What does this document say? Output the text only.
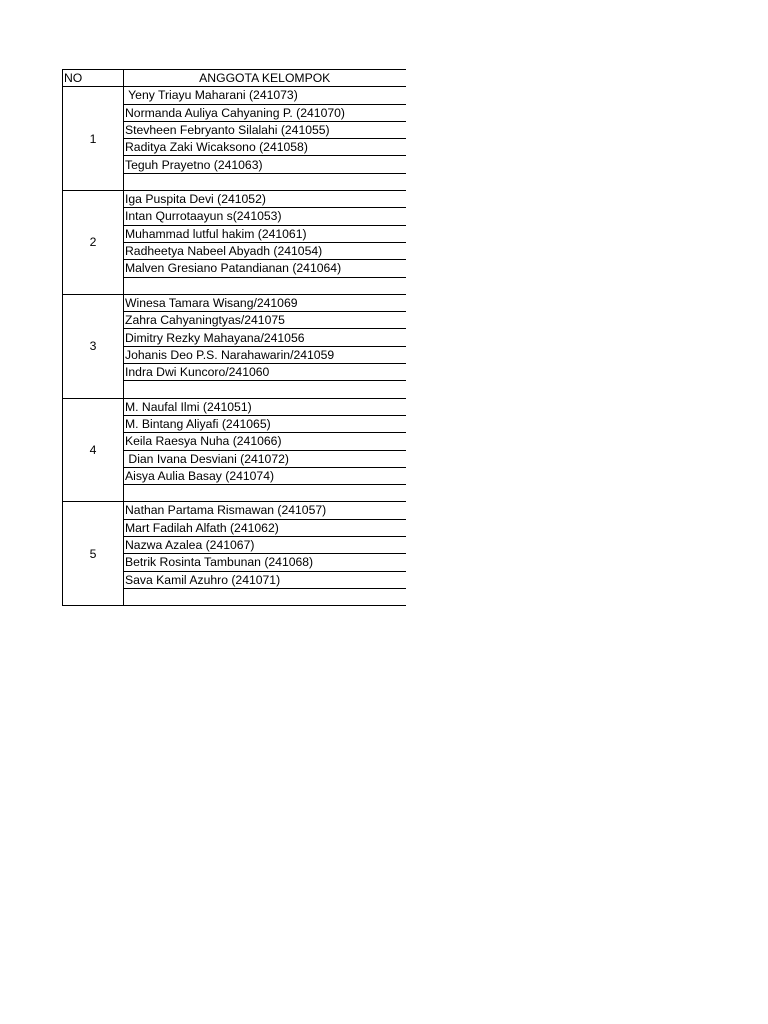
NO	ANGGOTA KELOMPOK
1	Yeny Triayu Maharani (241073)
	Normanda Auliya Cahyaning P. (241070)
	Stevheen Febryanto Silalahi (241055)
	Raditya Zaki Wicaksono (241058)
	Teguh Prayetno (241063)

2	Iga Puspita Devi (241052)
	Intan Qurrotaayun s(241053)
	Muhammad lutful hakim (241061)
	Radheetya Nabeel Abyadh (241054)
	Malven Gresiano Patandianan (241064)

3	Winesa Tamara Wisang/241069
	Zahra Cahyaningtyas/241075
	Dimitry Rezky Mahayana/241056
	Johanis Deo P.S. Narahawarin/241059
	Indra Dwi Kuncoro/241060

4	M. Naufal Ilmi (241051)
	M. Bintang Aliyafi (241065)
	Keila Raesya Nuha (241066)
	Dian Ivana Desviani (241072)
	Aisya Aulia Basay (241074)

5	Nathan Partama Rismawan (241057)
	Mart Fadilah Alfath (241062)
	Nazwa Azalea (241067)
	Betrik Rosinta Tambunan (241068)
	Sava Kamil Azuhro (241071)
